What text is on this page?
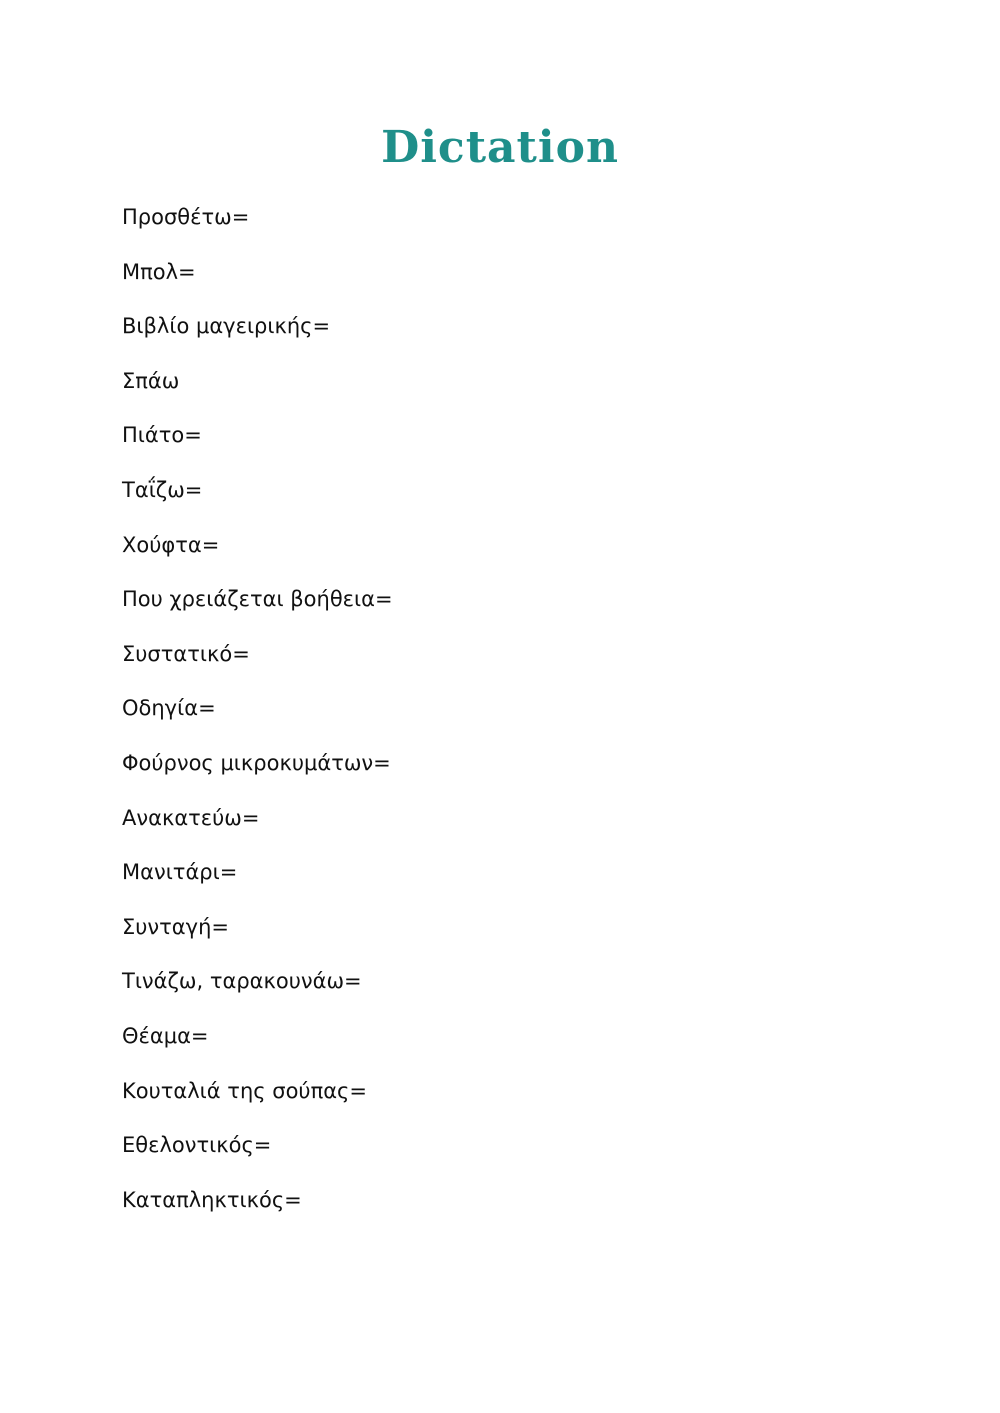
Dictation
Προσθέτω=
Μπολ=
Βιβλίο μαγειρικής=
Σπάω
Πιάτο=
Ταΐζω=
Χούφτα=
Που χρειάζεται βοήθεια=
Συστατικό=
Οδηγία=
Φούρνος μικροκυμάτων=
Ανακατεύω=
Μανιτάρι=
Συνταγή=
Τινάζω, ταρακουνάω=
Θέαμα=
Κουταλιά της σούπας=
Εθελοντικός=
Καταπληκτικός=
